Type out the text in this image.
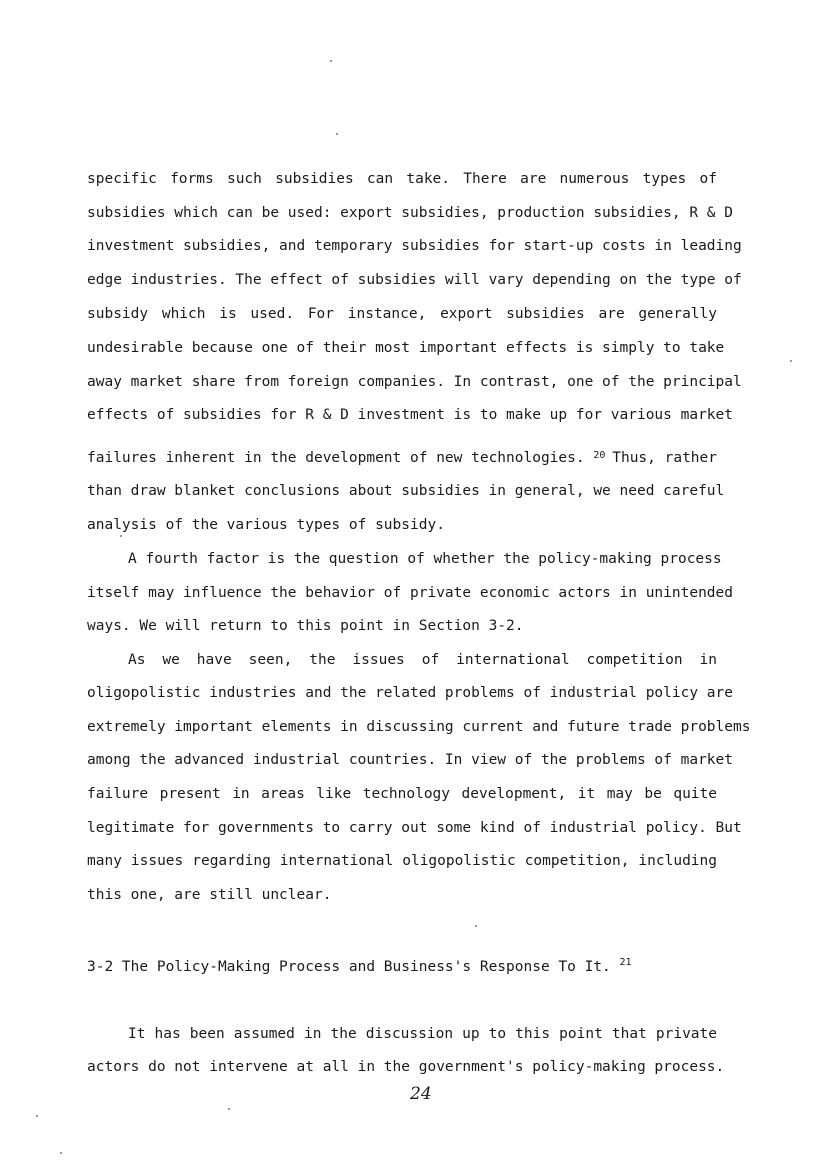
specific forms such subsidies can take. There are numerous types of
subsidies which can be used: export subsidies, production subsidies, R & D
investment subsidies, and temporary subsidies for start-up costs in leading
edge industries. The effect of subsidies will vary depending on the type of
subsidy which is used. For instance, export subsidies are generally
undesirable because one of their most important effects is simply to take
away market share from foreign companies. In contrast, one of the principal
effects of subsidies for R & D investment is to make up for various market
failures inherent in the development of new technologies. $^{20}$ Thus, rather
than draw blanket conclusions about subsidies in general, we need careful
analysis of the various types of subsidy.
A fourth factor is the question of whether the policy-making process
itself may influence the behavior of private economic actors in unintended
ways. We will return to this point in Section 3-2.
As we have seen, the issues of international competition in
oligopolistic industries and the related problems of industrial policy are
extremely important elements in discussing current and future trade problems
among the advanced industrial countries. In view of the problems of market
failure present in areas like technology development, it may be quite
legitimate for governments to carry out some kind of industrial policy. But
many issues regarding international oligopolistic competition, including
this one, are still unclear.
3-2 The Policy-Making Process and Business's Response To It. $^{21}$
It has been assumed in the discussion up to this point that private
actors do not intervene at all in the government's policy-making process.
24
